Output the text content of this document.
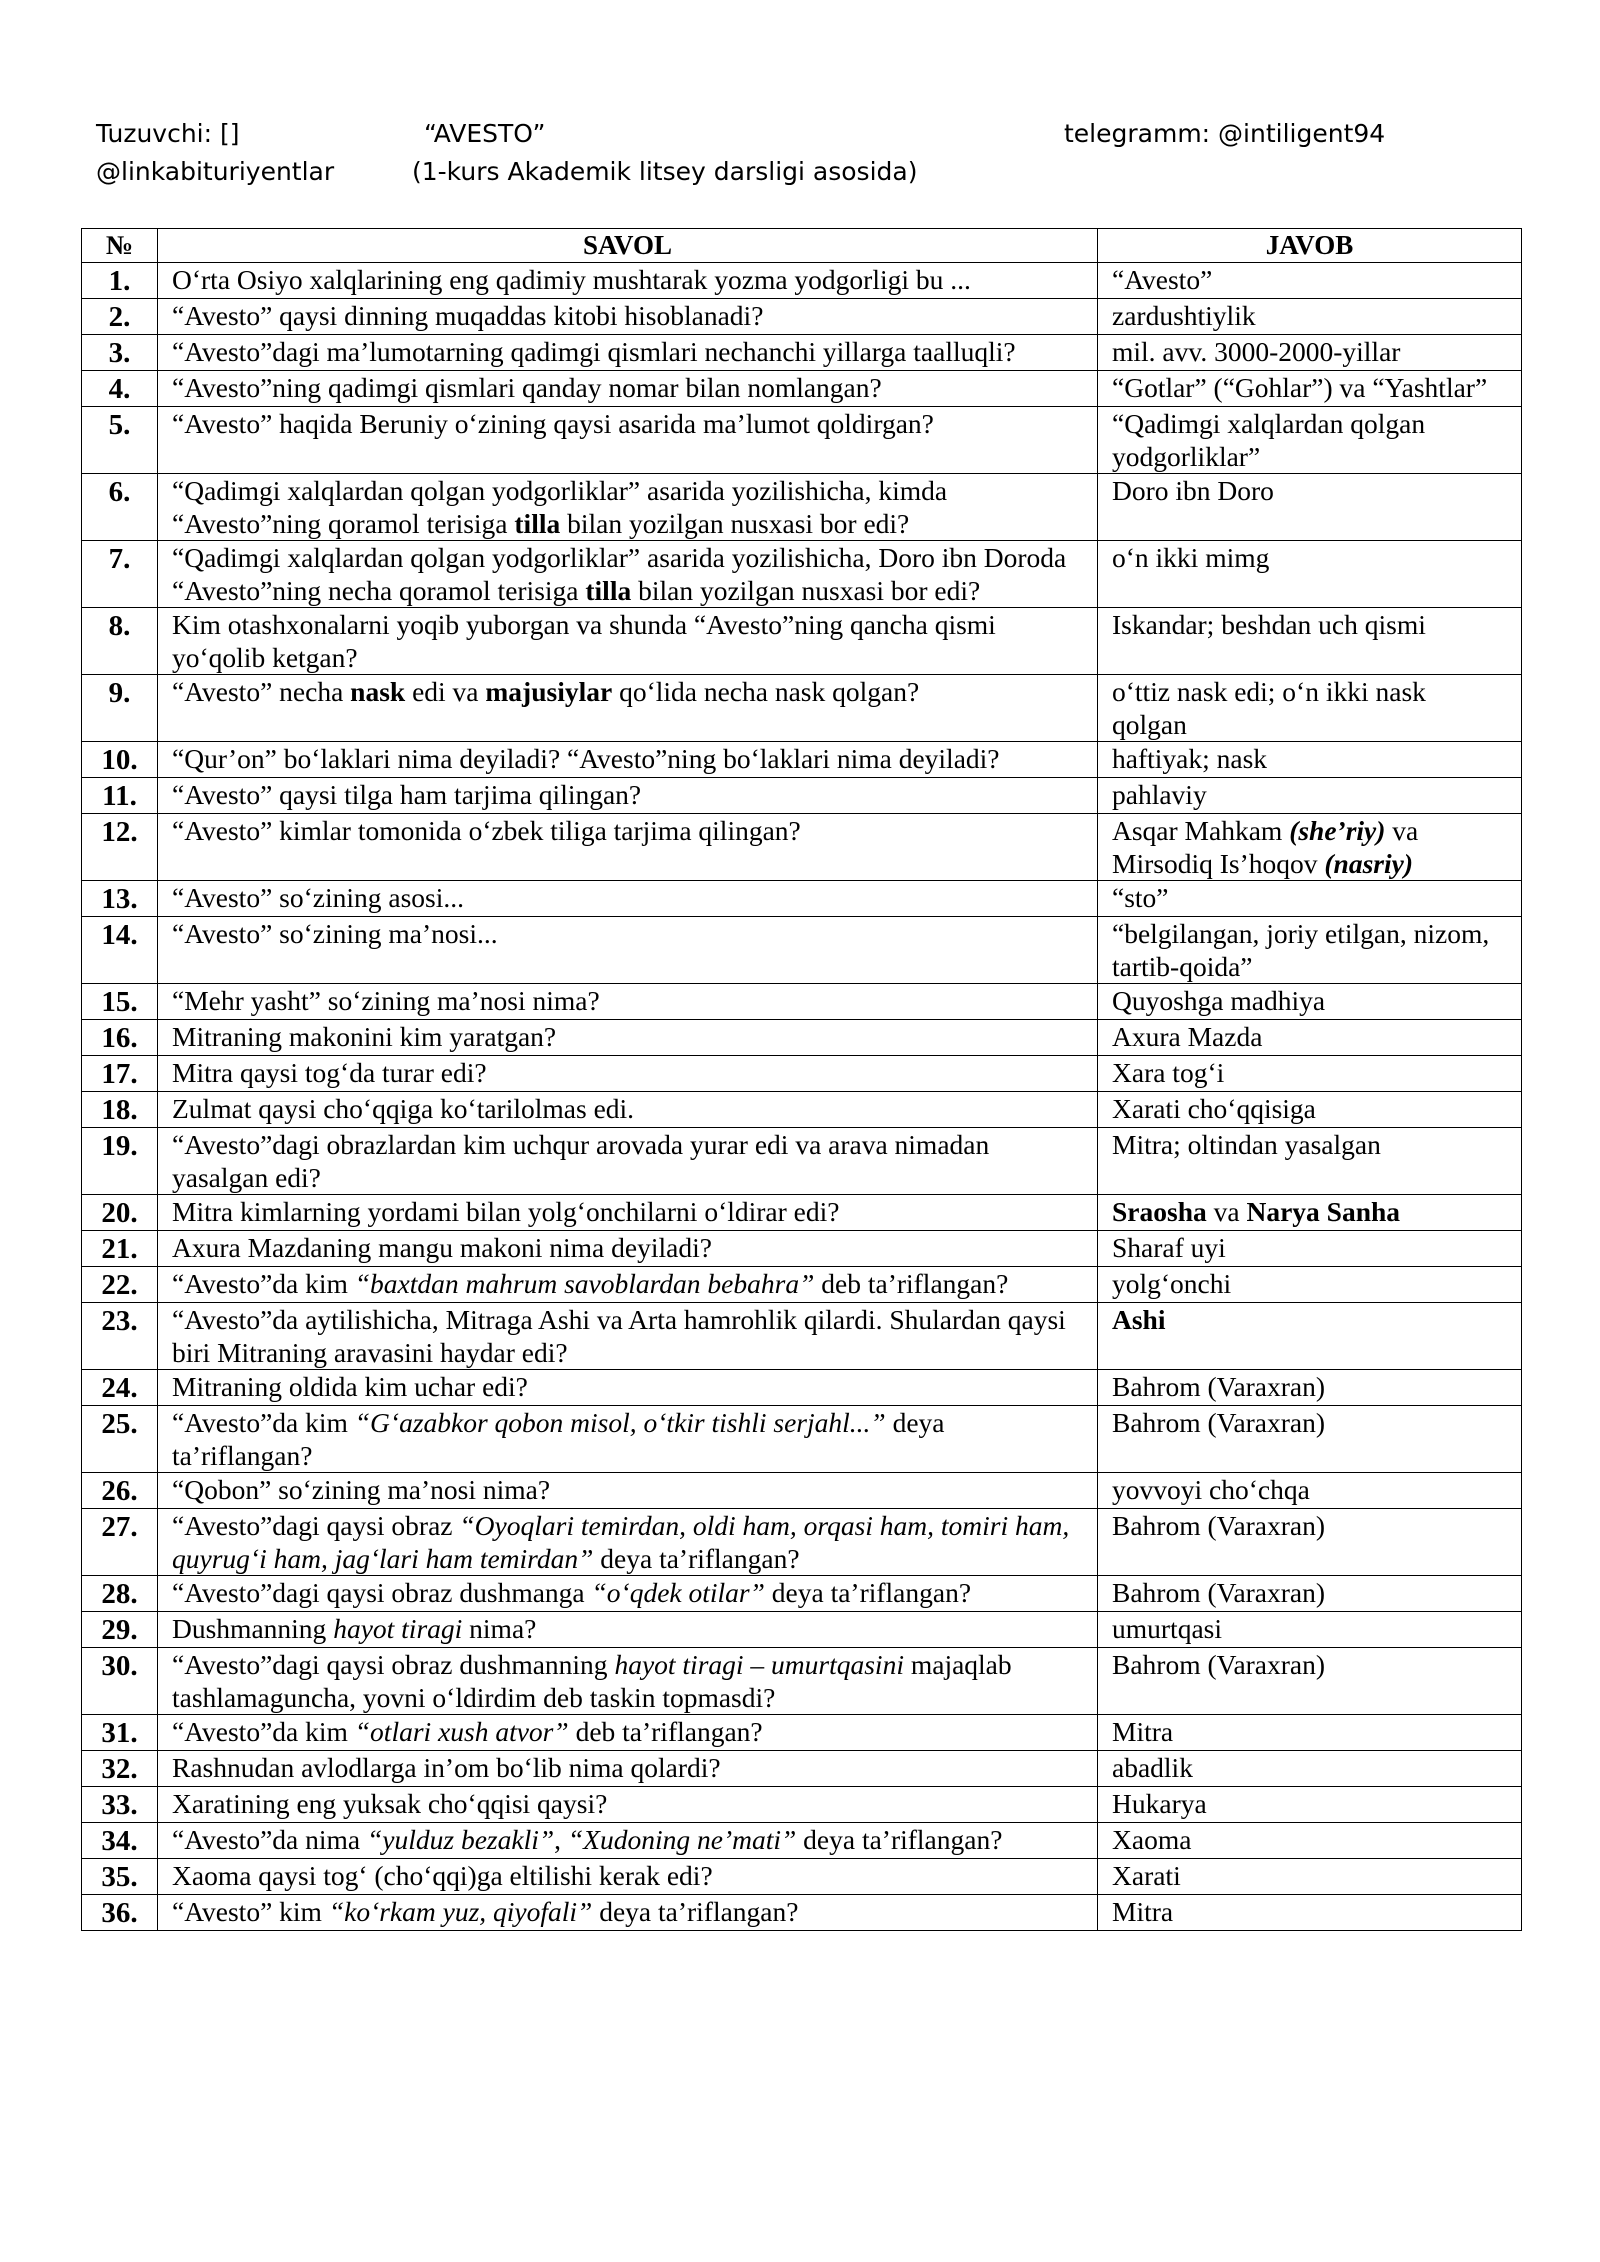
Tuzuvchi: []	“AVESTO”	telegramm: @intiligent94
@linkabituriyentlar	(1-kurs Akademik litsey darsligi asosida)
№	SAVOL	JAVOB
1.	O‘rta Osiyo xalqlarining eng qadimiy mushtarak yozma yodgorligi bu ...	“Avesto”
2.	“Avesto” qaysi dinning muqaddas kitobi hisoblanadi?	zardushtiylik
3.	“Avesto”dagi ma’lumotarning qadimgi qismlari nechanchi yillarga taalluqli?	mil. avv. 3000-2000-yillar
4.	“Avesto”ning qadimgi qismlari qanday nomar bilan nomlangan?	“Gotlar” (“Gohlar”) va “Yashtlar”
5.	“Avesto” haqida Beruniy o‘zining qaysi asarida ma’lumot qoldirgan?	“Qadimgi xalqlardan qolgan yodgorliklar”
6.	“Qadimgi xalqlardan qolgan yodgorliklar” asarida yozilishicha, kimda “Avesto”ning qoramol terisiga tilla bilan yozilgan nusxasi bor edi?	Doro ibn Doro
7.	“Qadimgi xalqlardan qolgan yodgorliklar” asarida yozilishicha, Doro ibn Doroda “Avesto”ning necha qoramol terisiga tilla bilan yozilgan nusxasi bor edi?	o‘n ikki mimg
8.	Kim otashxonalarni yoqib yuborgan va shunda “Avesto”ning qancha qismi yo‘qolib ketgan?	Iskandar; beshdan uch qismi
9.	“Avesto” necha nask edi va majusiylar qo‘lida necha nask qolgan?	o‘ttiz nask edi; o‘n ikki nask qolgan
10.	“Qur’on” bo‘laklari nima deyiladi? “Avesto”ning bo‘laklari nima deyiladi?	haftiyak; nask
11.	“Avesto” qaysi tilga ham tarjima qilingan?	pahlaviy
12.	“Avesto” kimlar tomonida o‘zbek tiliga tarjima qilingan?	Asqar Mahkam (she’riy) va Mirsodiq Is’hoqov (nasriy)
13.	“Avesto” so‘zining asosi...	“sto”
14.	“Avesto” so‘zining ma’nosi...	“belgilangan, joriy etilgan, nizom, tartib-qoida”
15.	“Mehr yasht” so‘zining ma’nosi nima?	Quyoshga madhiya
16.	Mitraning makonini kim yaratgan?	Axura Mazda
17.	Mitra qaysi tog‘da turar edi?	Xara tog‘i
18.	Zulmat qaysi cho‘qqiga ko‘tarilolmas edi.	Xarati cho‘qqisiga
19.	“Avesto”dagi obrazlardan kim uchqur arovada yurar edi va arava nimadan yasalgan edi?	Mitra; oltindan yasalgan
20.	Mitra kimlarning yordami bilan yolg‘onchilarni o‘ldirar edi?	Sraosha va Narya Sanha
21.	Axura Mazdaning mangu makoni nima deyiladi?	Sharaf uyi
22.	“Avesto”da kim “baxtdan mahrum savoblardan bebahra” deb ta’riflangan?	yolg‘onchi
23.	“Avesto”da aytilishicha, Mitraga Ashi va Arta hamrohlik qilardi. Shulardan qaysi biri Mitraning aravasini haydar edi?	Ashi
24.	Mitraning oldida kim uchar edi?	Bahrom (Varaxran)
25.	“Avesto”da kim “G‘azabkor qobon misol, o‘tkir tishli serjahl...” deya ta’riflangan?	Bahrom (Varaxran)
26.	“Qobon” so‘zining ma’nosi nima?	yovvoyi cho‘chqa
27.	“Avesto”dagi qaysi obraz “Oyoqlari temirdan, oldi ham, orqasi ham, tomiri ham, quyrug‘i ham, jag‘lari ham temirdan” deya ta’riflangan?	Bahrom (Varaxran)
28.	“Avesto”dagi qaysi obraz dushmanga “o‘qdek otilar” deya ta’riflangan?	Bahrom (Varaxran)
29.	Dushmanning hayot tiragi nima?	umurtqasi
30.	“Avesto”dagi qaysi obraz dushmanning hayot tiragi – umurtqasini majaqlab tashlamaguncha, yovni o‘ldirdim deb taskin topmasdi?	Bahrom (Varaxran)
31.	“Avesto”da kim “otlari xush atvor” deb ta’riflangan?	Mitra
32.	Rashnudan avlodlarga in’om bo‘lib nima qolardi?	abadlik
33.	Xaratining eng yuksak cho‘qqisi qaysi?	Hukarya
34.	“Avesto”da nima “yulduz bezakli”, “Xudoning ne’mati” deya ta’riflangan?	Xaoma
35.	Xaoma qaysi tog‘ (cho‘qqi)ga eltilishi kerak edi?	Xarati
36.	“Avesto” kim “ko‘rkam yuz, qiyofali” deya ta’riflangan?	Mitra
